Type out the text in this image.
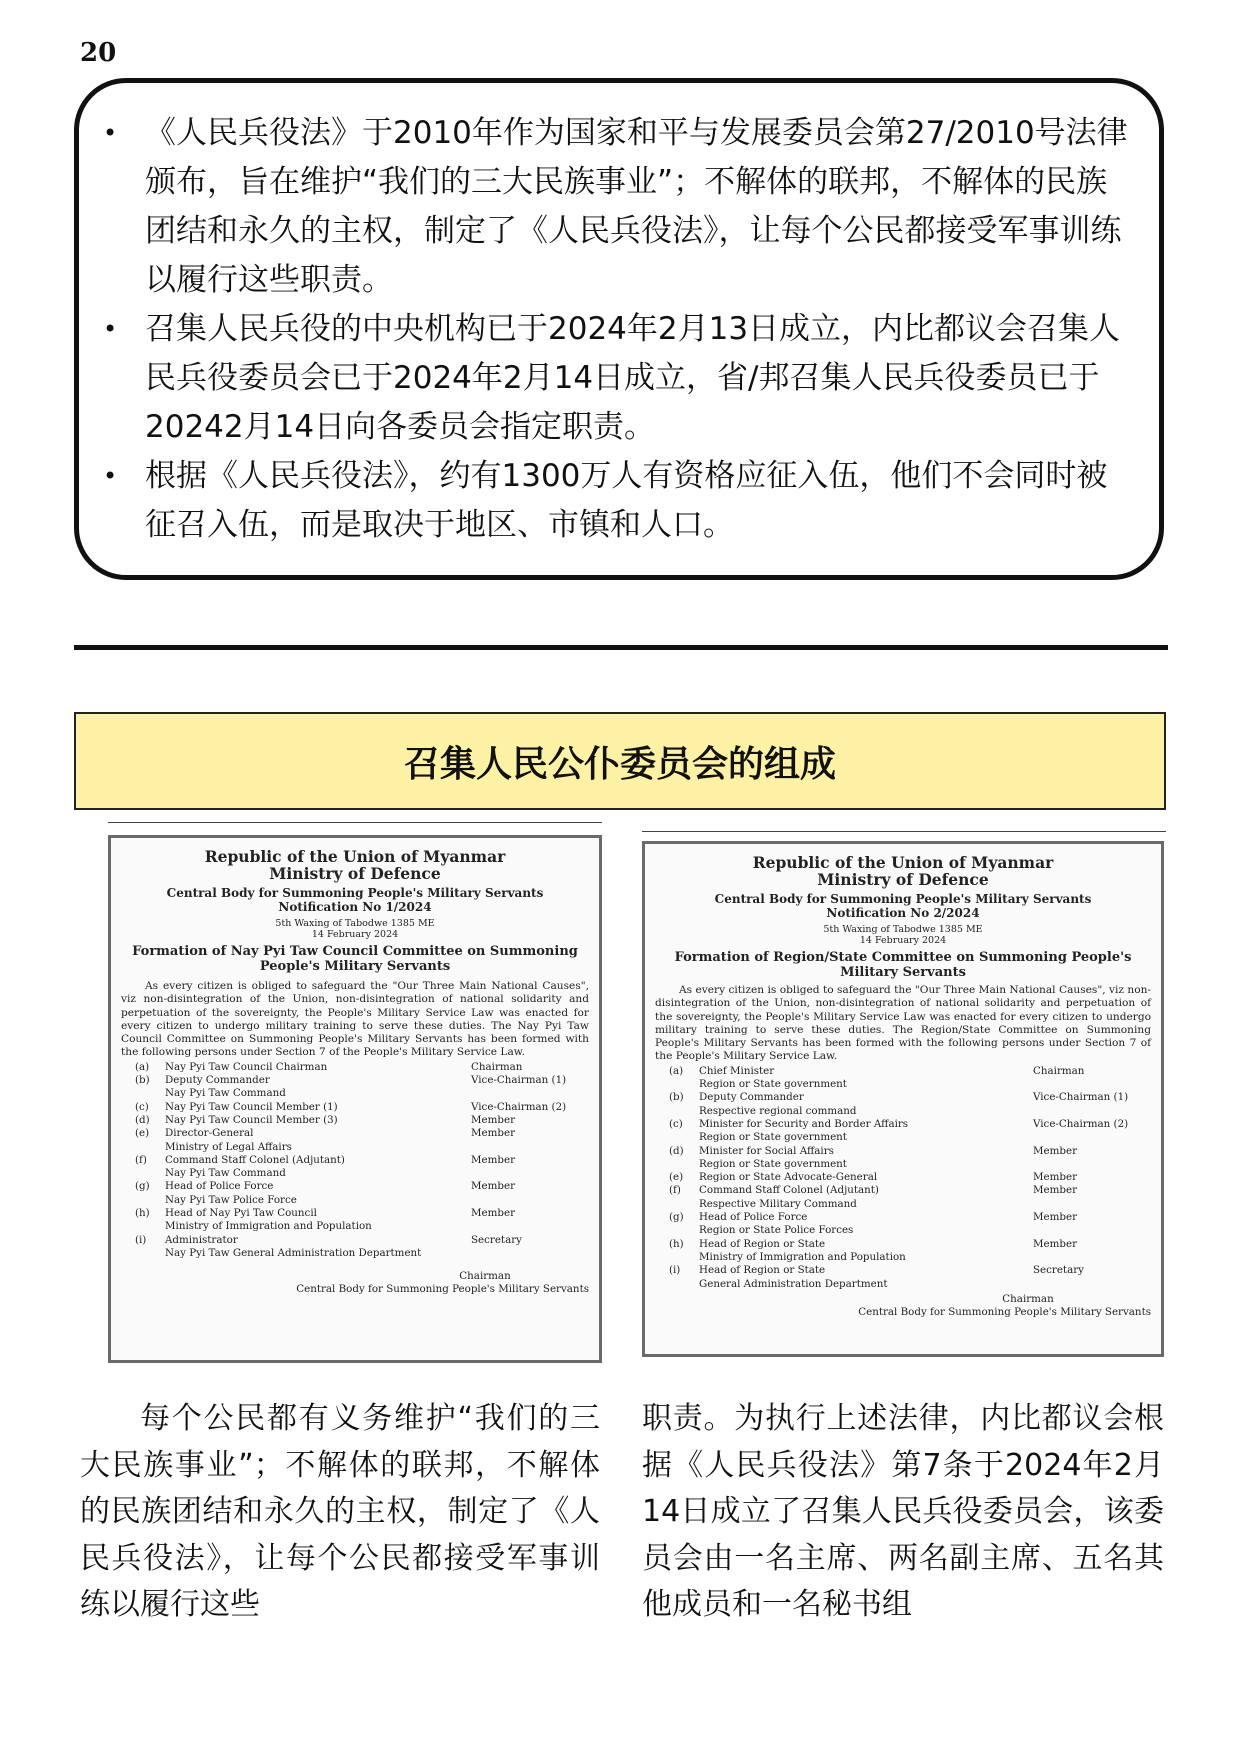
20
• 《人民兵役法》于2010年作为国家和平与发展委员会第27/2010号法律颁布，旨在维护“我们的三大民族事业”；不解体的联邦，不解体的民族团结和永久的主权，制定了《人民兵役法》，让每个公民都接受军事训练以履行这些职责。
• 召集人民兵役的中央机构已于2024年2月13日成立，内比都议会召集人民兵役委员会已于2024年2月14日成立，省/邦召集人民兵役委员已于20242月14日向各委员会指定职责。
• 根据《人民兵役法》，约有1300万人有资格应征入伍，他们不会同时被征召入伍，而是取决于地区、市镇和人口。
召集人民公仆委员会的组成
Republic of the Union of Myanmar
Ministry of Defence
Central Body for Summoning People's Military Servants
Notification No 1/2024
5th Waxing of Tabodwe 1385 ME
14 February 2024
Formation of Nay Pyi Taw Council Committee on Summoning People's Military Servants
As every citizen is obliged to safeguard the "Our Three Main National Causes", viz non-disintegration of the Union, non-disintegration of national solidarity and perpetuation of the sovereignty, the People's Military Service Law was enacted for every citizen to undergo military training to serve these duties. The Nay Pyi Taw Council Committee on Summoning People's Military Servants has been formed with the following persons under Section 7 of the People's Military Service Law.
(a)	Nay Pyi Taw Council Chairman	Chairman
(b)	Deputy Commander	Vice-Chairman (1)
Nay Pyi Taw Command
(c)	Nay Pyi Taw Council Member (1)	Vice-Chairman (2)
(d)	Nay Pyi Taw Council Member (3)	Member
(e)	Director-General	Member
Ministry of Legal Affairs
(f)	Command Staff Colonel (Adjutant)	Member
Nay Pyi Taw Command
(g)	Head of Police Force	Member
Nay Pyi Taw Police Force
(h)	Head of Nay Pyi Taw Council	Member
Ministry of Immigration and Population
(i)	Administrator	Secretary
Nay Pyi Taw General Administration Department
Chairman
Central Body for Summoning People's Military Servants
Republic of the Union of Myanmar
Ministry of Defence
Central Body for Summoning People's Military Servants
Notification No 2/2024
5th Waxing of Tabodwe 1385 ME
14 February 2024
Formation of Region/State Committee on Summoning People's Military Servants
As every citizen is obliged to safeguard the "Our Three Main National Causes", viz non-disintegration of the Union, non-disintegration of national solidarity and perpetuation of the sovereignty, the People's Military Service Law was enacted for every citizen to undergo military training to serve these duties. The Region/State Committee on Summoning People's Military Servants has been formed with the following persons under Section 7 of the People's Military Service Law.
(a)	Chief Minister	Chairman
Region or State government
(b)	Deputy Commander	Vice-Chairman (1)
Respective regional command
(c)	Minister for Security and Border Affairs	Vice-Chairman (2)
Region or State government
(d)	Minister for Social Affairs	Member
Region or State government
(e)	Region or State Advocate-General	Member
(f)	Command Staff Colonel (Adjutant)	Member
Respective Military Command
(g)	Head of Police Force	Member
Region or State Police Forces
(h)	Head of Region or State	Member
Ministry of Immigration and Population
(i)	Head of Region or State	Secretary
General Administration Department
Chairman
Central Body for Summoning People's Military Servants
每个公民都有义务维护“我们的三大民族事业”；不解体的联邦，不解体的民族团结和永久的主权，制定了《人民兵役法》，让每个公民都接受军事训练以履行这些
职责。为执行上述法律，内比都议会根据《人民兵役法》第7条于2024年2月14日成立了召集人民兵役委员会，该委员会由一名主席、两名副主席、五名其他成员和一名秘书组
